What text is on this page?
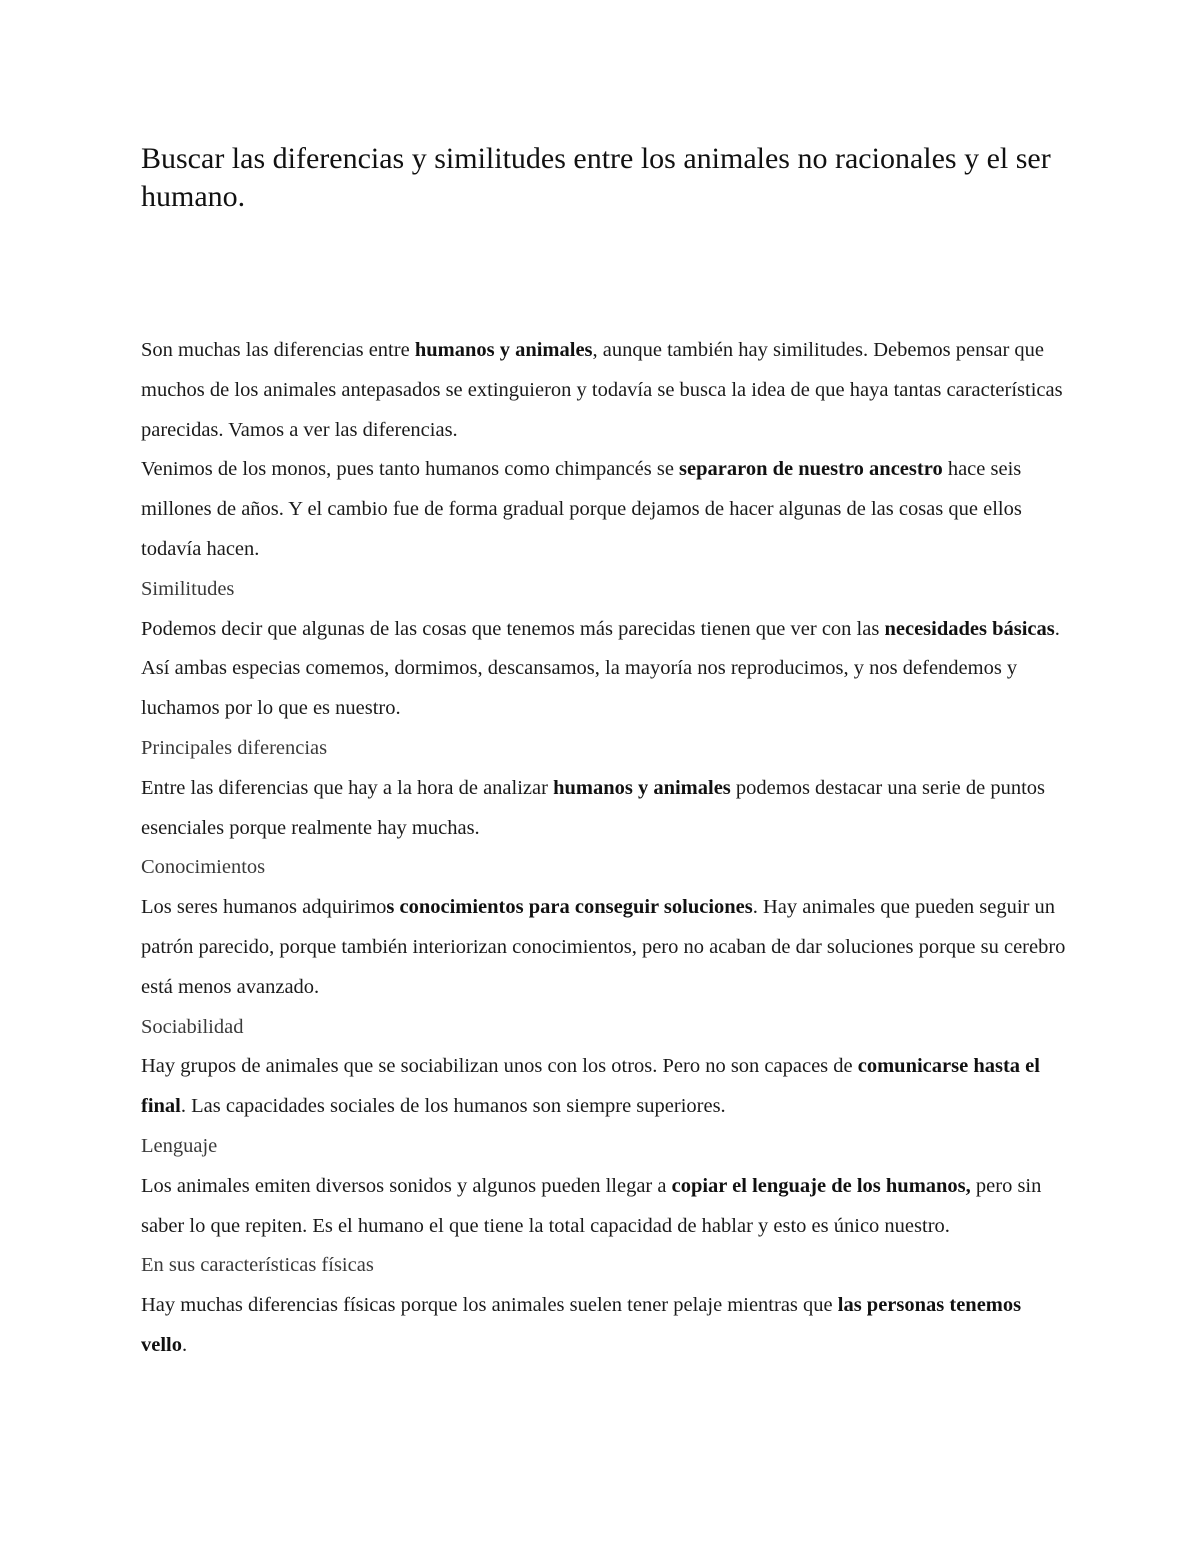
Buscar las diferencias y similitudes entre los animales no racionales y el ser humano.

Son muchas las diferencias entre humanos y animales, aunque también hay similitudes. Debemos pensar que muchos de los animales antepasados se extinguieron y todavía se busca la idea de que haya tantas características parecidas. Vamos a ver las diferencias.

Venimos de los monos, pues tanto humanos como chimpancés se separaron de nuestro ancestro hace seis millones de años. Y el cambio fue de forma gradual porque dejamos de hacer algunas de las cosas que ellos todavía hacen.

Similitudes

Podemos decir que algunas de las cosas que tenemos más parecidas tienen que ver con las necesidades básicas. Así ambas especias comemos, dormimos, descansamos, la mayoría nos reproducimos, y nos defendemos y luchamos por lo que es nuestro.

Principales diferencias

Entre las diferencias que hay a la hora de analizar humanos y animales podemos destacar una serie de puntos esenciales porque realmente hay muchas.

Conocimientos

Los seres humanos adquirimos conocimientos para conseguir soluciones. Hay animales que pueden seguir un patrón parecido, porque también interiorizan conocimientos, pero no acaban de dar soluciones porque su cerebro está menos avanzado.

Sociabilidad

Hay grupos de animales que se sociabilizan unos con los otros. Pero no son capaces de comunicarse hasta el final. Las capacidades sociales de los humanos son siempre superiores.

Lenguaje

Los animales emiten diversos sonidos y algunos pueden llegar a copiar el lenguaje de los humanos, pero sin saber lo que repiten. Es el humano el que tiene la total capacidad de hablar y esto es único nuestro.

En sus características físicas

Hay muchas diferencias físicas porque los animales suelen tener pelaje mientras que las personas tenemos vello.
